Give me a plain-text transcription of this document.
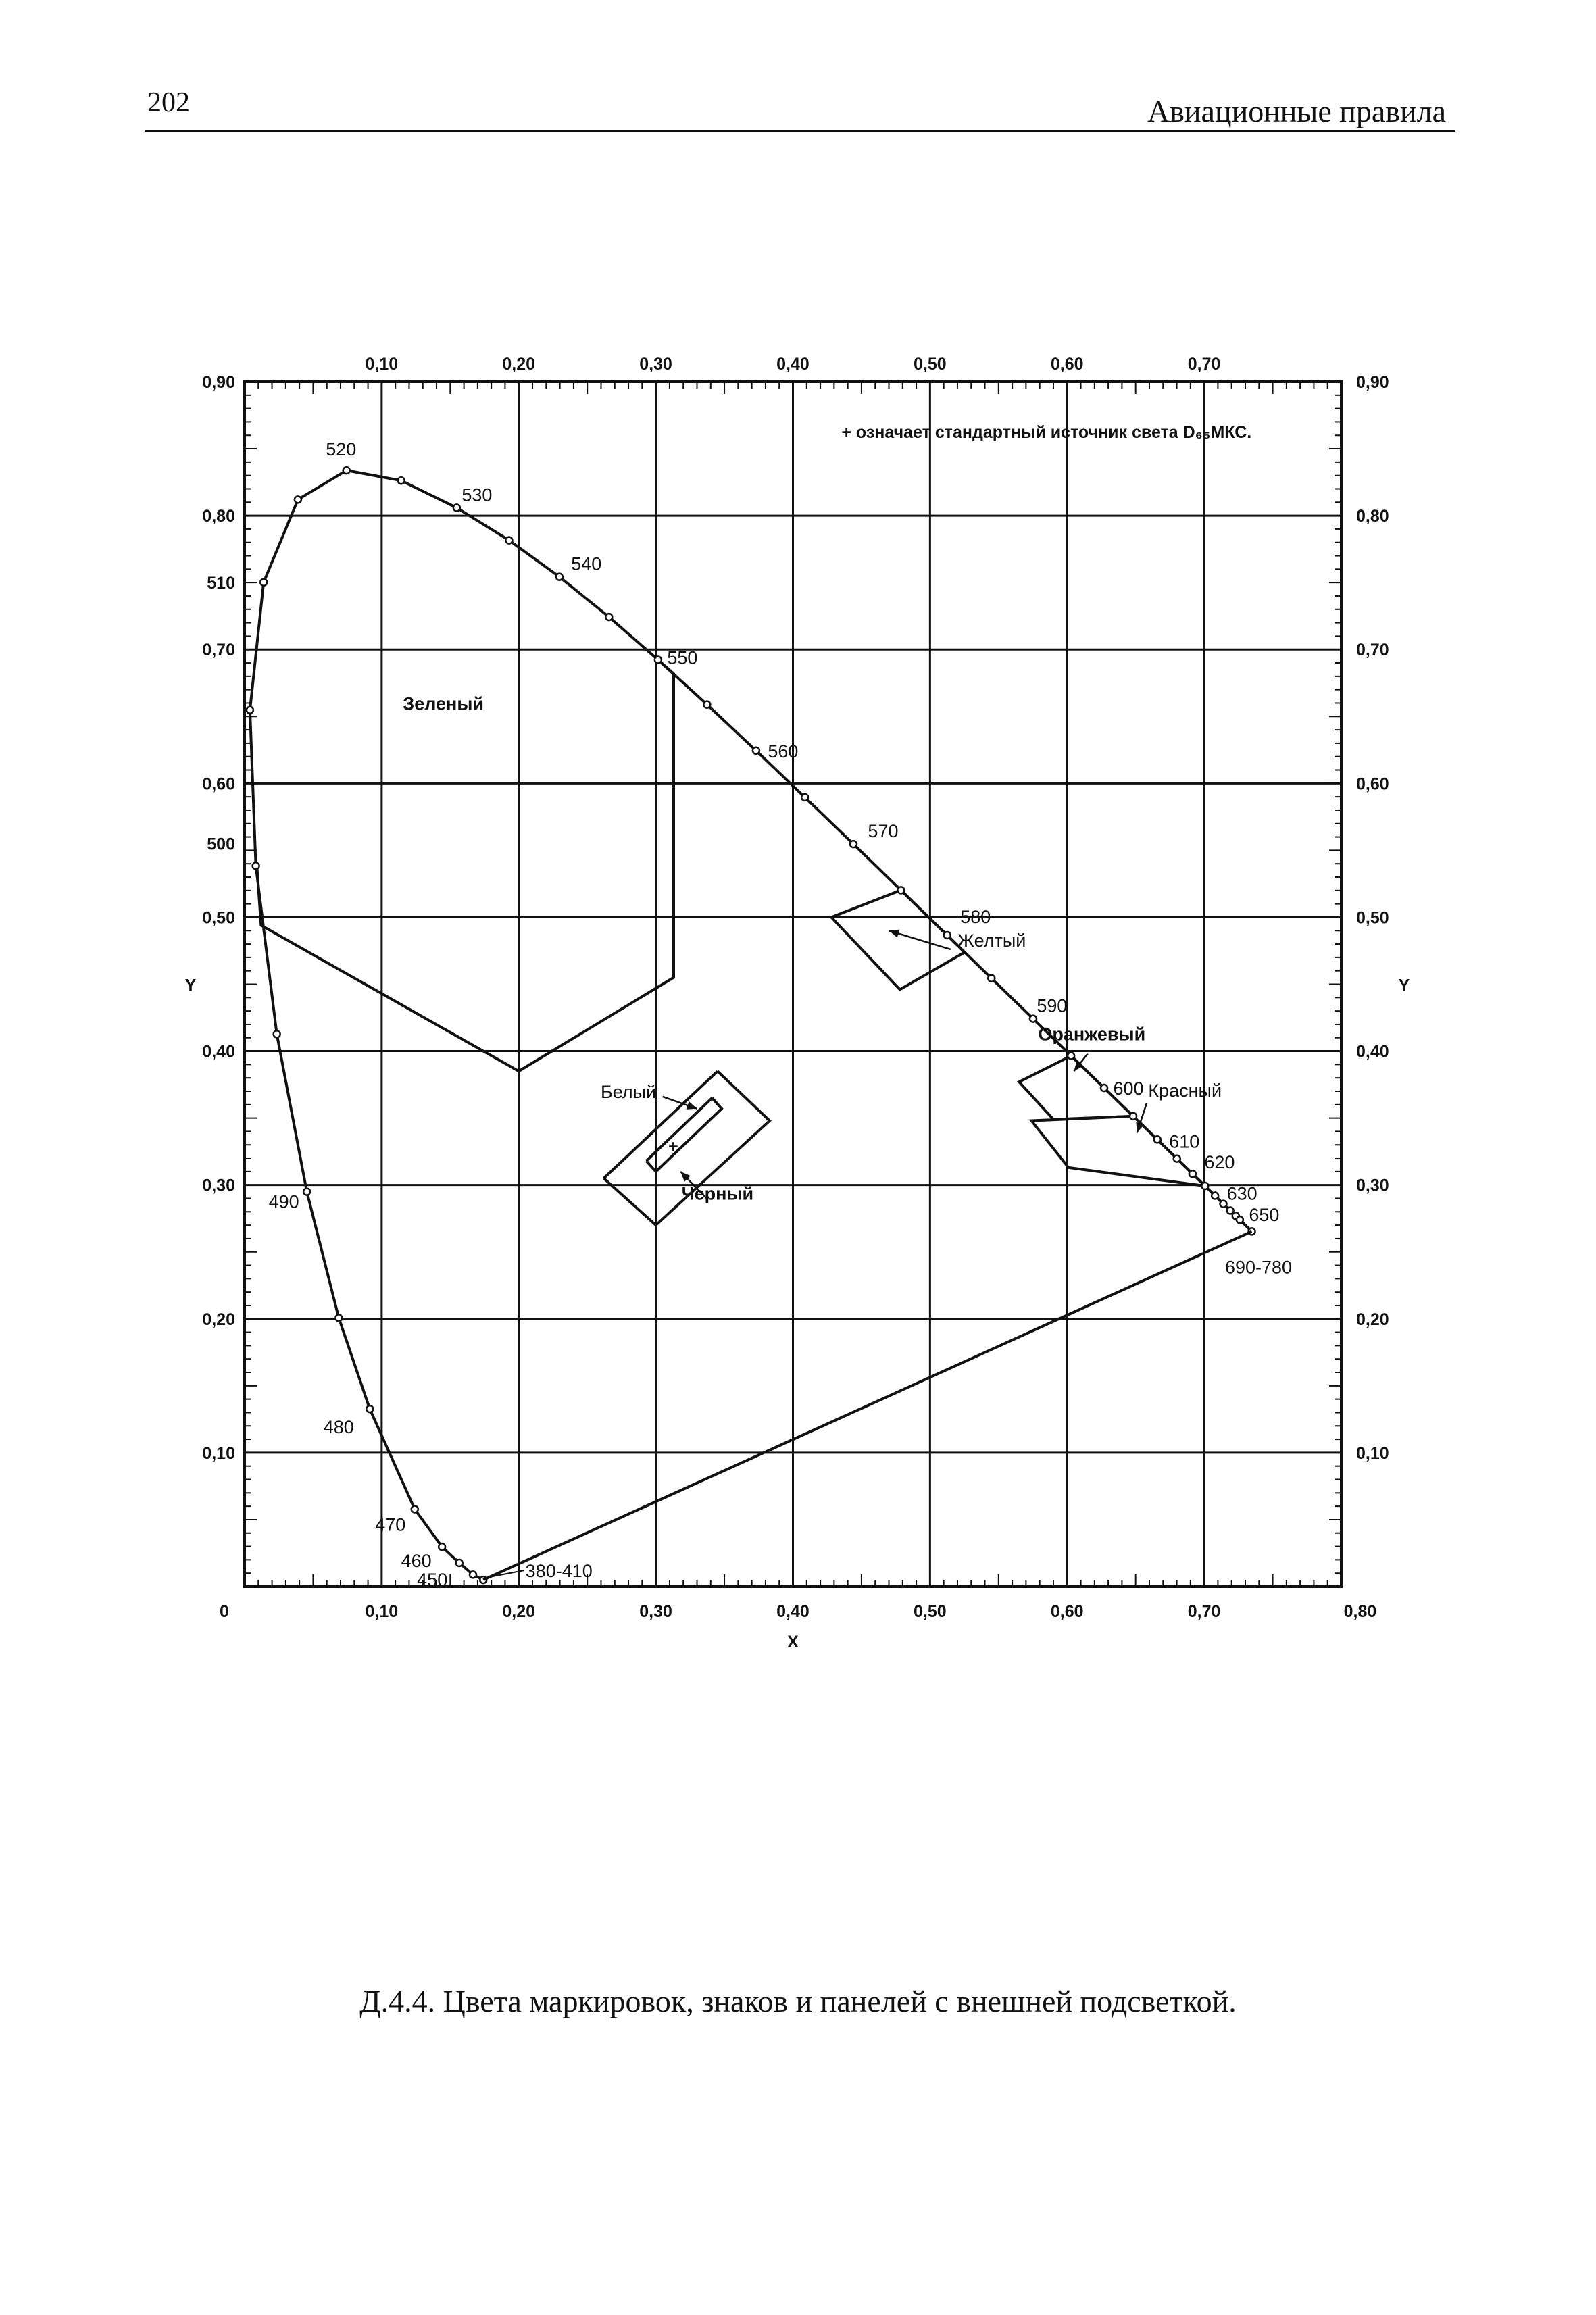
202	Авиационные правила
0,10
0,10
0,20
0,20
0,30
0,30
0,40
0,40
0,50
0,50
0,60
0,60
0,70
0,70
0	0,80
0,10	0,10
0,20	0,20
0,30	0,30
0,40	0,40
0,50	0,50
0,60	0,60
0,70	0,70
0,80	0,80
0,90	0,90
510
500
X
Y	Y
+ означает стандартный источник света D₆₅МКС.
520
530
540
550
560
570
580
590
600
610
620
630
650
690-780
490
480
470
460
450	380-410
Зеленый
Желтый
Оранжевый
Красный
Белый
Черный
+
Д.4.4. Цвета маркировок, знаков и панелей с внешней подсветкой.
